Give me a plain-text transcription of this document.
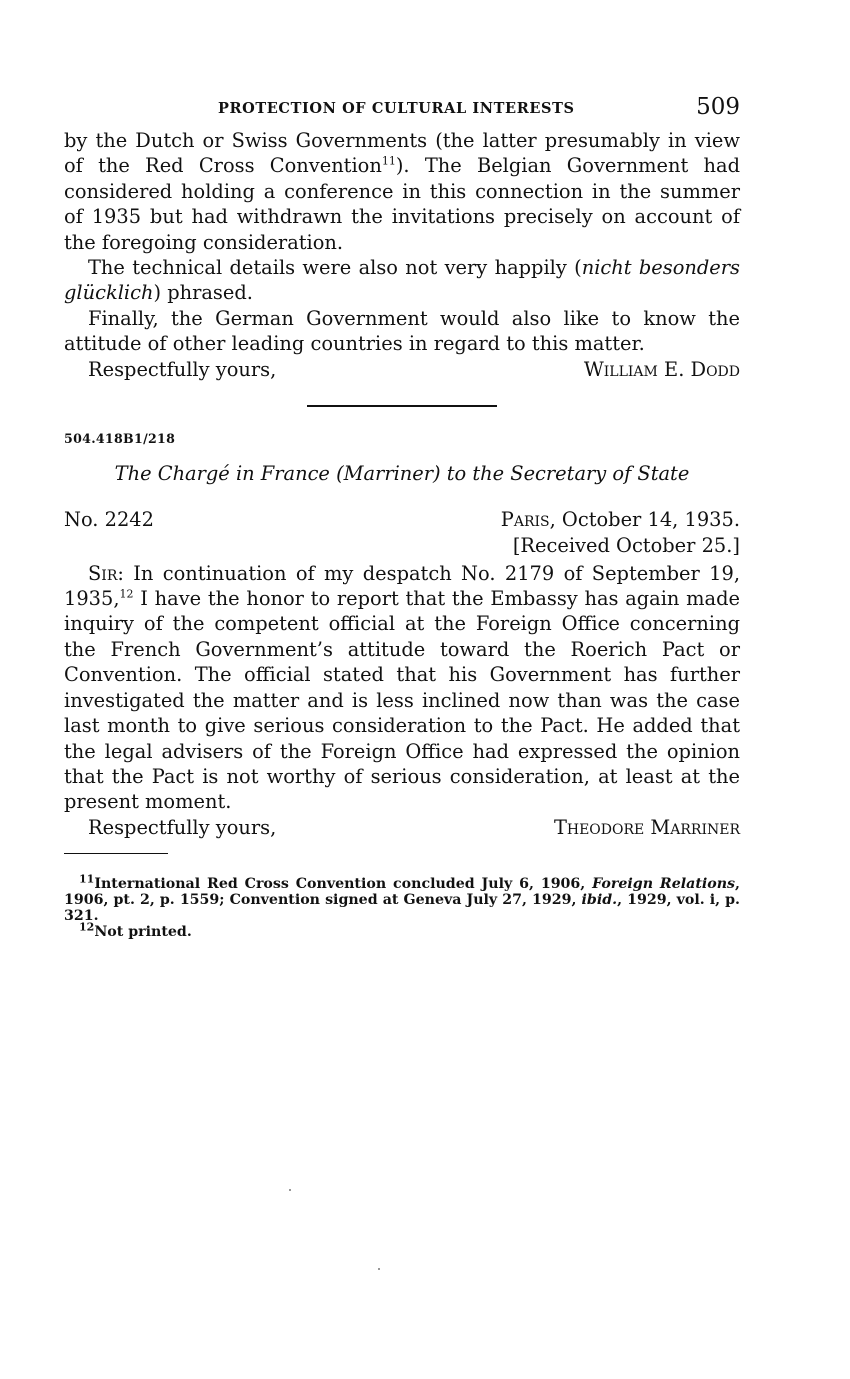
PROTECTION OF CULTURAL INTERESTS	509

by the Dutch or Swiss Governments (the latter presumably in view of the Red Cross Convention$^{11}$). The Belgian Government had considered holding a conference in this connection in the summer of 1935 but had withdrawn the invitations precisely on account of the foregoing consideration.

The technical details were also not very happily (nicht besonders glücklich) phrased.

Finally, the German Government would also like to know the attitude of other leading countries in regard to this matter.

Respectfully yours,	William E. Dodd
504.418B1/218
The Chargé in France (Marriner) to the Secretary of State
No. 2242	Paris, October 14, 1935.
[Received October 25.]

Sir: In continuation of my despatch No. 2179 of September 19, 1935,12 I have the honor to report that the Embassy has again made inquiry of the competent official at the Foreign Office concerning the French Government’s attitude toward the Roerich Pact or Convention. The official stated that his Government has further investigated the matter and is less inclined now than was the case last month to give serious consideration to the Pact. He added that the legal advisers of the Foreign Office had expressed the opinion that the Pact is not worthy of serious consideration, at least at the present moment.

Respectfully yours,	Theodore Marriner

$^{11}$International Red Cross Convention concluded July 6, 1906, Foreign Relations, 1906, pt. 2, p. 1559; Convention signed at Geneva July 27, 1929, ibid., 1929, vol. i, p. 321.

$^{12}$Not printed.
